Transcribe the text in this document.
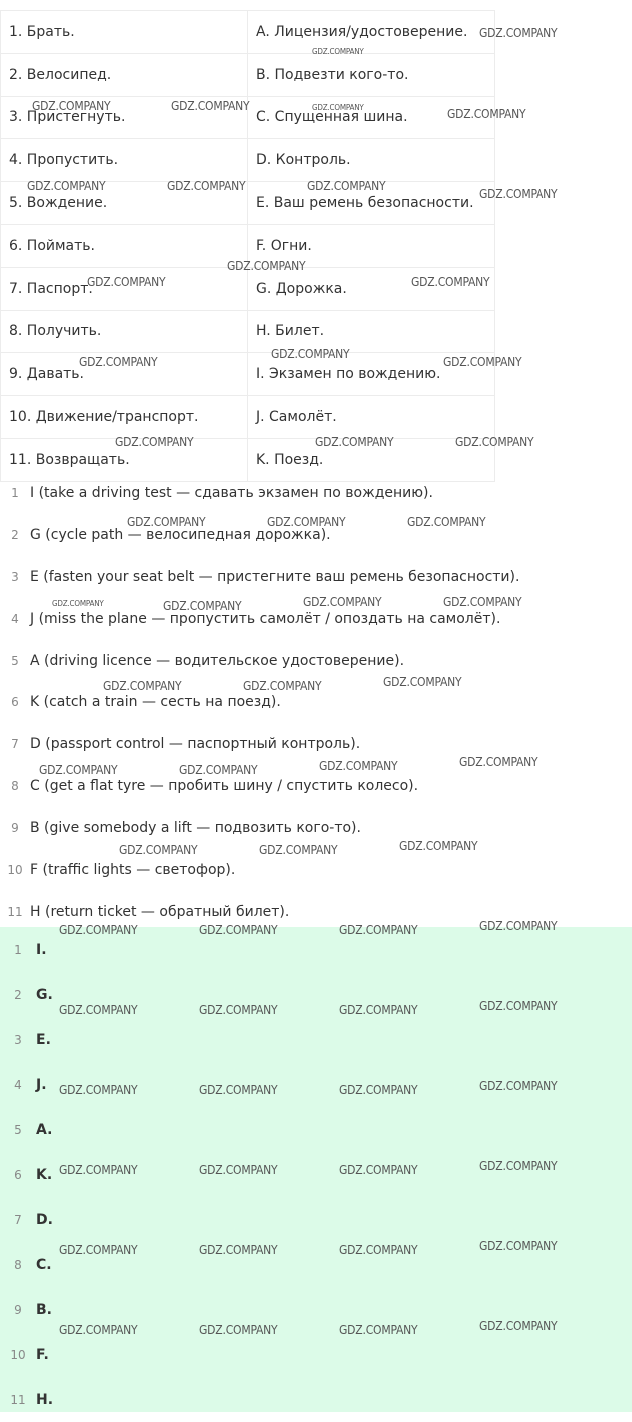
1. Брать.	A. Лицензия/удостоверение.
2. Велосипед.	B. Подвезти кого-то.
3. Пристегнуть.	C. Спущенная шина.
4. Пропустить.	D. Контроль.
5. Вождение.	E. Ваш ремень безопасности.
6. Поймать.	F. Огни.
7. Паспорт.	G. Дорожка.
8. Получить.	H. Билет.
9. Давать.	I. Экзамен по вождению.
10. Движение/транспорт.	J. Самолёт.
11. Возвращать.	K. Поезд.
1 I (take a driving test — сдавать экзамен по вождению).
2 G (cycle path — велосипедная дорожка).
3 E (fasten your seat belt — пристегните ваш ремень безопасности).
4 J (miss the plane — пропустить самолёт / опоздать на самолёт).
5 A (driving licence — водительское удостоверение).
6 K (catch a train — сесть на поезд).
7 D (passport control — паспортный контроль).
8 C (get a flat tyre — пробить шину / спустить колесо).
9 B (give somebody a lift — подвозить кого-то).
10 F (traffic lights — светофор).
11 H (return ticket — обратный билет).
1	I.
2	G.
3	E.
4	J.
5	A.
6	K.
7	D.
8	C.
9	B.
10 F.
11 H.
GDZ.COMPANY
GDZ.COMPANY
GDZ.COMPANY	GDZ.COMPANY	GDZ.COMPANY	GDZ.COMPANY
GDZ.COMPANY	GDZ.COMPANY	GDZ.COMPANY
GDZ.COMPANY
GDZ.COMPANY
GDZ.COMPANY	GDZ.COMPANY
GDZ.COMPANY
GDZ.COMPANY	GDZ.COMPANY
GDZ.COMPANY	GDZ.COMPANY	GDZ.COMPANY
GDZ.COMPANY	GDZ.COMPANY	GDZ.COMPANY
GDZ.COMPANY	GDZ.COMPANY	GDZ.COMPANY	GDZ.COMPANY
GDZ.COMPANY	GDZ.COMPANY	GDZ.COMPANY
GDZ.COMPANY	GDZ.COMPANY	GDZ.COMPANY	GDZ.COMPANY
GDZ.COMPANY	GDZ.COMPANY	GDZ.COMPANY
GDZ.COMPANY	GDZ.COMPANY	GDZ.COMPANY	GDZ.COMPANY
GDZ.COMPANY	GDZ.COMPANY	GDZ.COMPANY	GDZ.COMPANY
GDZ.COMPANY	GDZ.COMPANY	GDZ.COMPANY	GDZ.COMPANY
GDZ.COMPANY	GDZ.COMPANY	GDZ.COMPANY	GDZ.COMPANY
GDZ.COMPANY	GDZ.COMPANY	GDZ.COMPANY	GDZ.COMPANY
GDZ.COMPANY	GDZ.COMPANY	GDZ.COMPANY	GDZ.COMPANY
